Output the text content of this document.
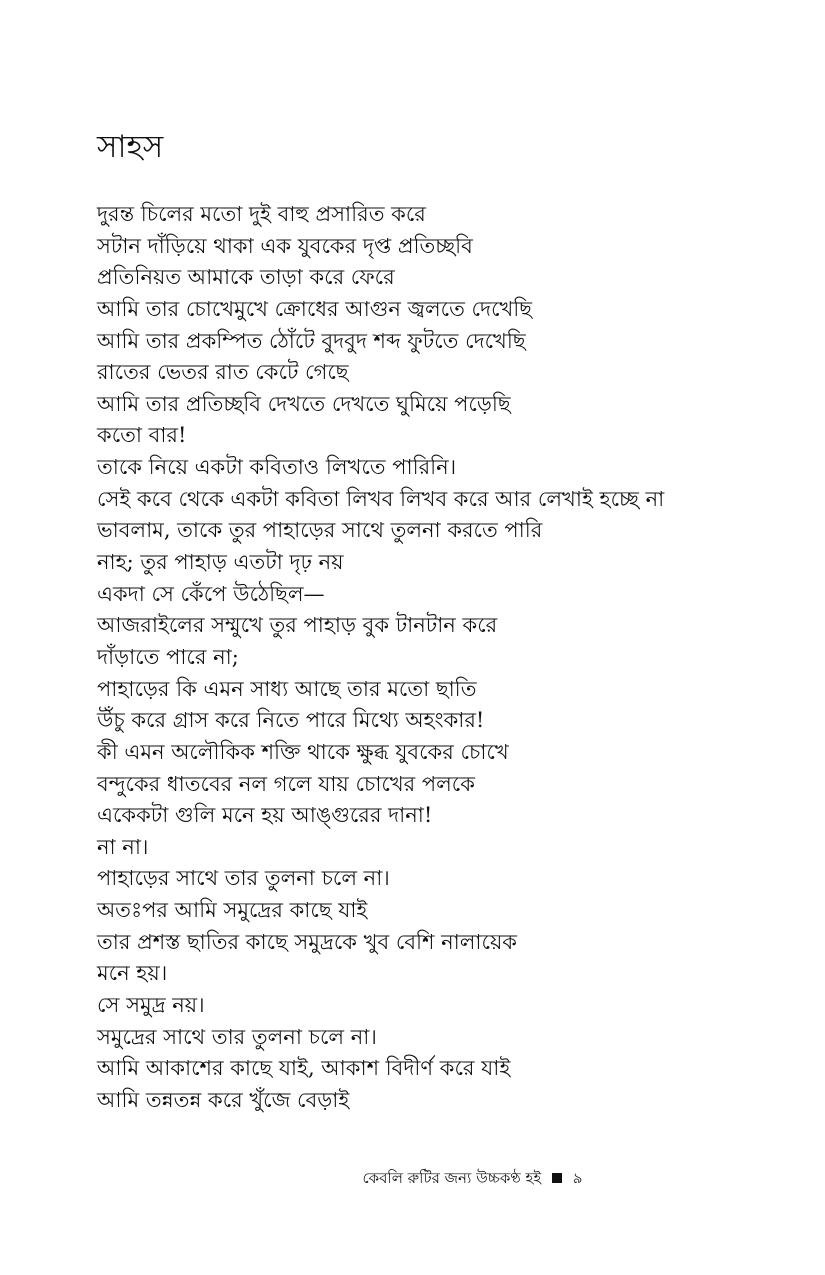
সাহস
দুরন্ত চিলের মতো দুই বাহু প্রসারিত করে
সটান দাঁড়িয়ে থাকা এক যুবকের দৃপ্ত প্রতিচ্ছবি
প্রতিনিয়ত আমাকে তাড়া করে ফেরে
আমি তার চোখেমুখে ক্রোধের আগুন জ্বলতে দেখেছি
আমি তার প্রকম্পিত ঠোঁটে বুদবুদ শব্দ ফুটতে দেখেছি
রাতের ভেতর রাত কেটে গেছে
আমি তার প্রতিচ্ছবি দেখতে দেখতে ঘুমিয়ে পড়েছি
কতো বার!
তাকে নিয়ে একটা কবিতাও লিখতে পারিনি।
সেই কবে থেকে একটা কবিতা লিখব লিখব করে আর লেখাই হচ্ছে না
ভাবলাম, তাকে তুর পাহাড়ের সাথে তুলনা করতে পারি
নাহ; তুর পাহাড় এতটা দৃঢ় নয়
একদা সে কেঁপে উঠেছিল—
আজরাইলের সম্মুখে তুর পাহাড় বুক টানটান করে
দাঁড়াতে পারে না;
পাহাড়ের কি এমন সাধ্য আছে তার মতো ছাতি
উঁচু করে গ্রাস করে নিতে পারে মিথ্যে অহংকার!
কী এমন অলৌকিক শক্তি থাকে ক্ষুব্ধ যুবকের চোখে
বন্দুকের ধাতবের নল গলে যায় চোখের পলকে
একেকটা গুলি মনে হয় আঙ্গুরের দানা!
না না।
পাহাড়ের সাথে তার তুলনা চলে না।
অতঃপর আমি সমুদ্রের কাছে যাই
তার প্রশস্ত ছাতির কাছে সমুদ্রকে খুব বেশি নালায়েক
মনে হয়।
সে সমুদ্র নয়।
সমুদ্রের সাথে তার তুলনা চলে না।
আমি আকাশের কাছে যাই, আকাশ বিদীর্ণ করে যাই
আমি তন্নতন্ন করে খুঁজে বেড়াই
কেবলি রুটির জন্য উচ্চকণ্ঠ হই ৯
